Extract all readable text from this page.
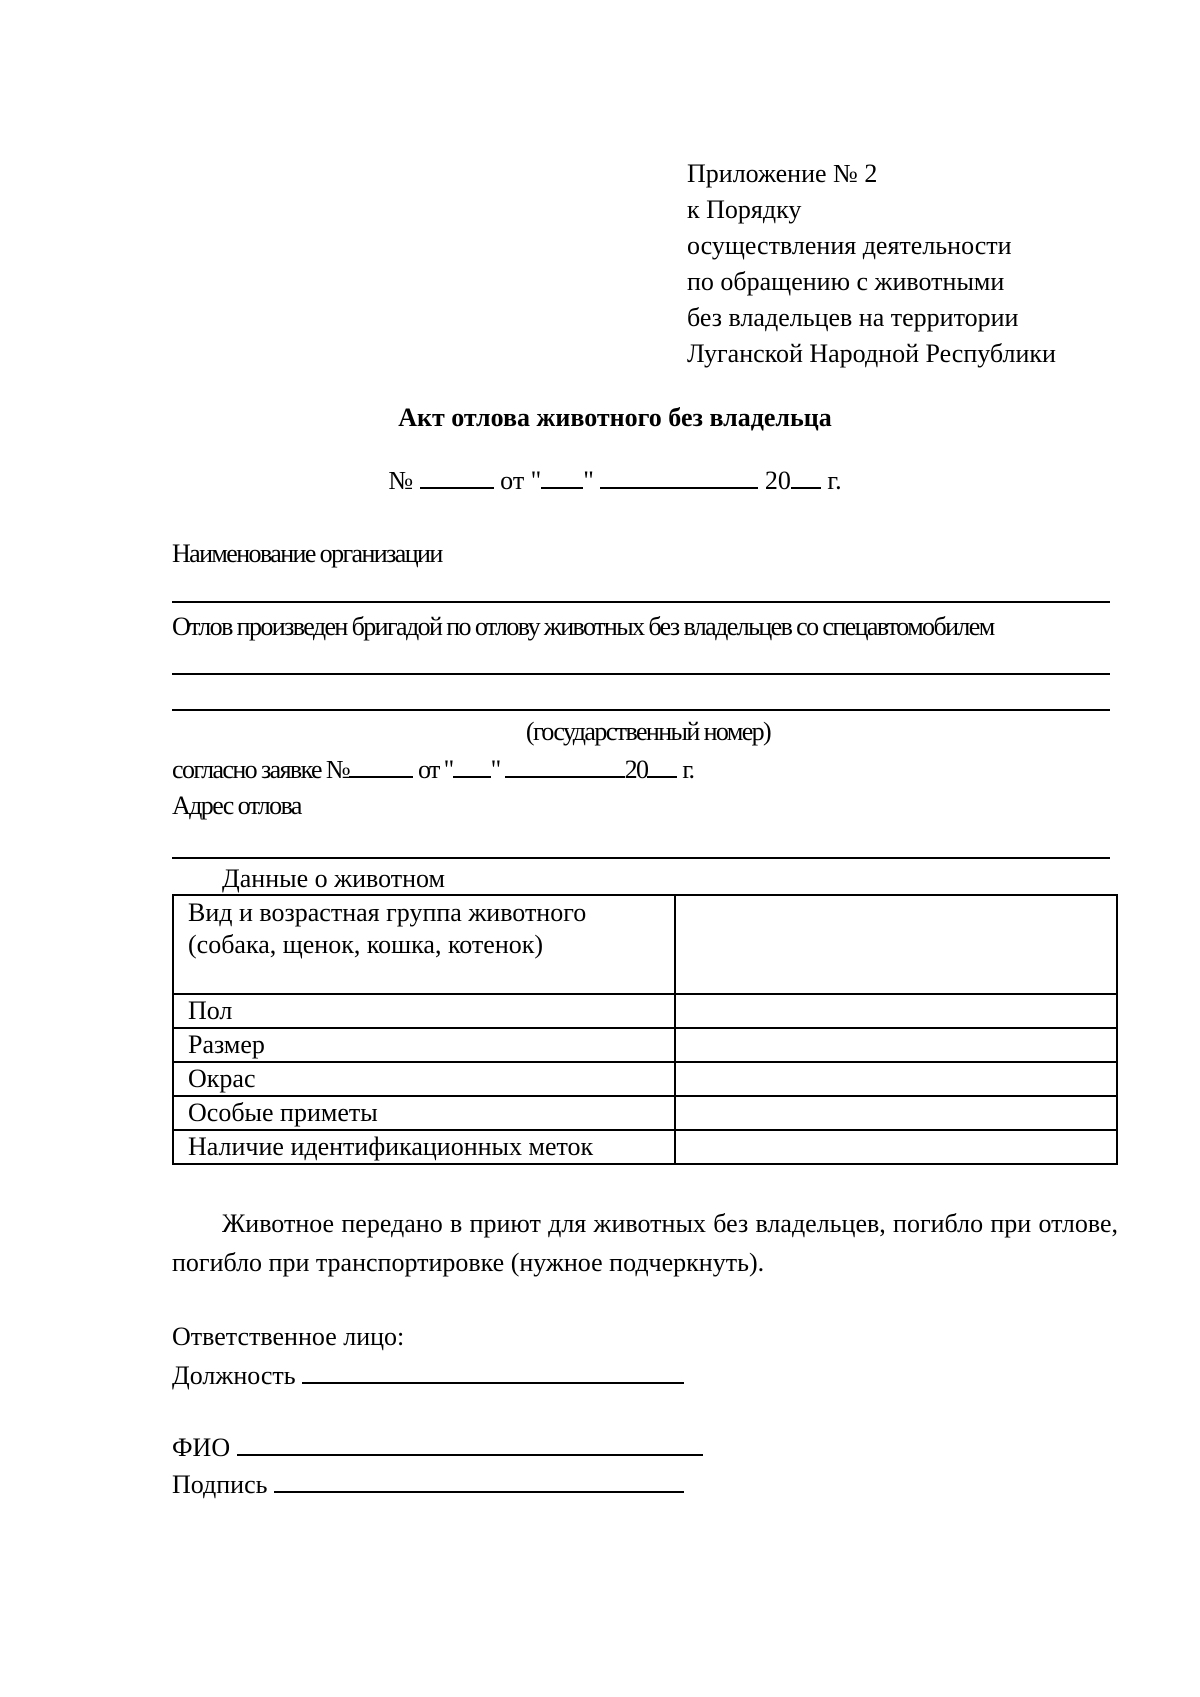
Приложение № 2
к Порядку
осуществления деятельности
по обращению с животными
без владельцев на территории
Луганской Народной Республики
Акт отлова животного без владельца
№	от " "	20 г.
Наименование организации
Отлов произведен бригадой по отлову животных без владельцев со спецавтомобилем
(государственный номер)
согласно заявке №	от " "	20 г.
Адрес отлова
Данные о животном
Вид и возрастная группа животного (собака, щенок, кошка, котенок)	
Пол	
Размер	
Окрас	
Особые приметы	
Наличие идентификационных меток	

Животное передано в приют для животных без владельцев, погибло при отлове, погибло при транспортировке (нужное подчеркнуть).

Ответственное лицо:
Должность
ФИО
Подпись
